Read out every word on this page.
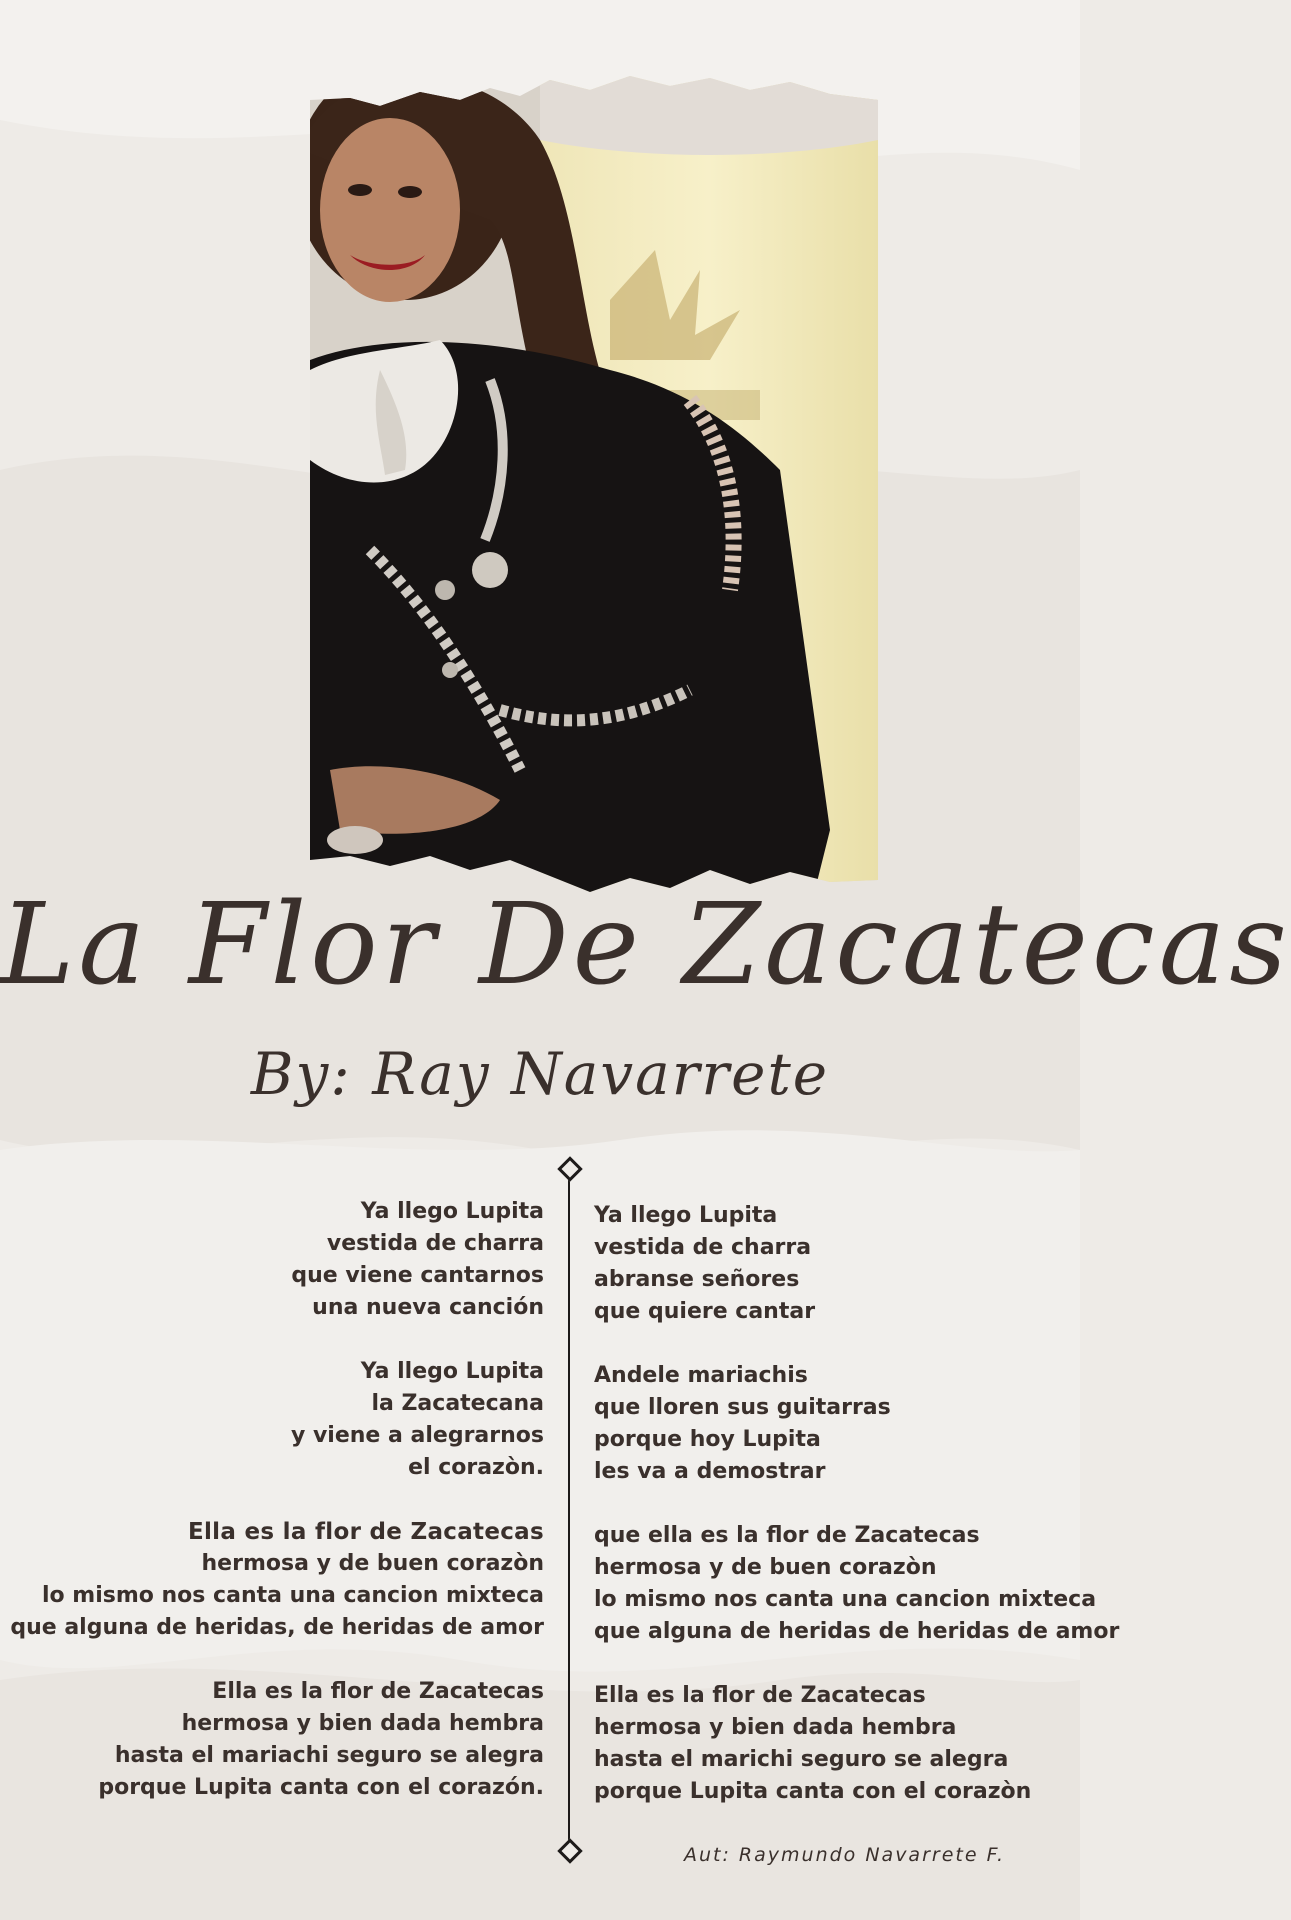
La Flor De Zacatecas
By: Ray Navarrete
Ya llego Lupita
vestida de charra
que viene cantarnos
una nueva canción
Ya llego Lupita
la Zacatecana
y viene a alegrarnos
el corazòn.
Ella es la flor de Zacatecas
hermosa y de buen corazòn
lo mismo nos canta una cancion mixteca
que alguna de heridas, de heridas de amor
Ella es la flor de Zacatecas
hermosa y bien dada hembra
hasta el mariachi seguro se alegra
porque Lupita canta con el corazón.
Ya llego Lupita
vestida de charra
abranse señores
que quiere cantar
Andele mariachis
que lloren sus guitarras
porque hoy Lupita
les va a demostrar
que ella es la flor de Zacatecas
hermosa y de buen corazòn
lo mismo nos canta una cancion mixteca
que alguna de heridas de heridas de amor
Ella es la flor de Zacatecas
hermosa y bien dada hembra
hasta el marichi seguro se alegra
porque Lupita canta con el corazòn
Aut: Raymundo Navarrete F.
